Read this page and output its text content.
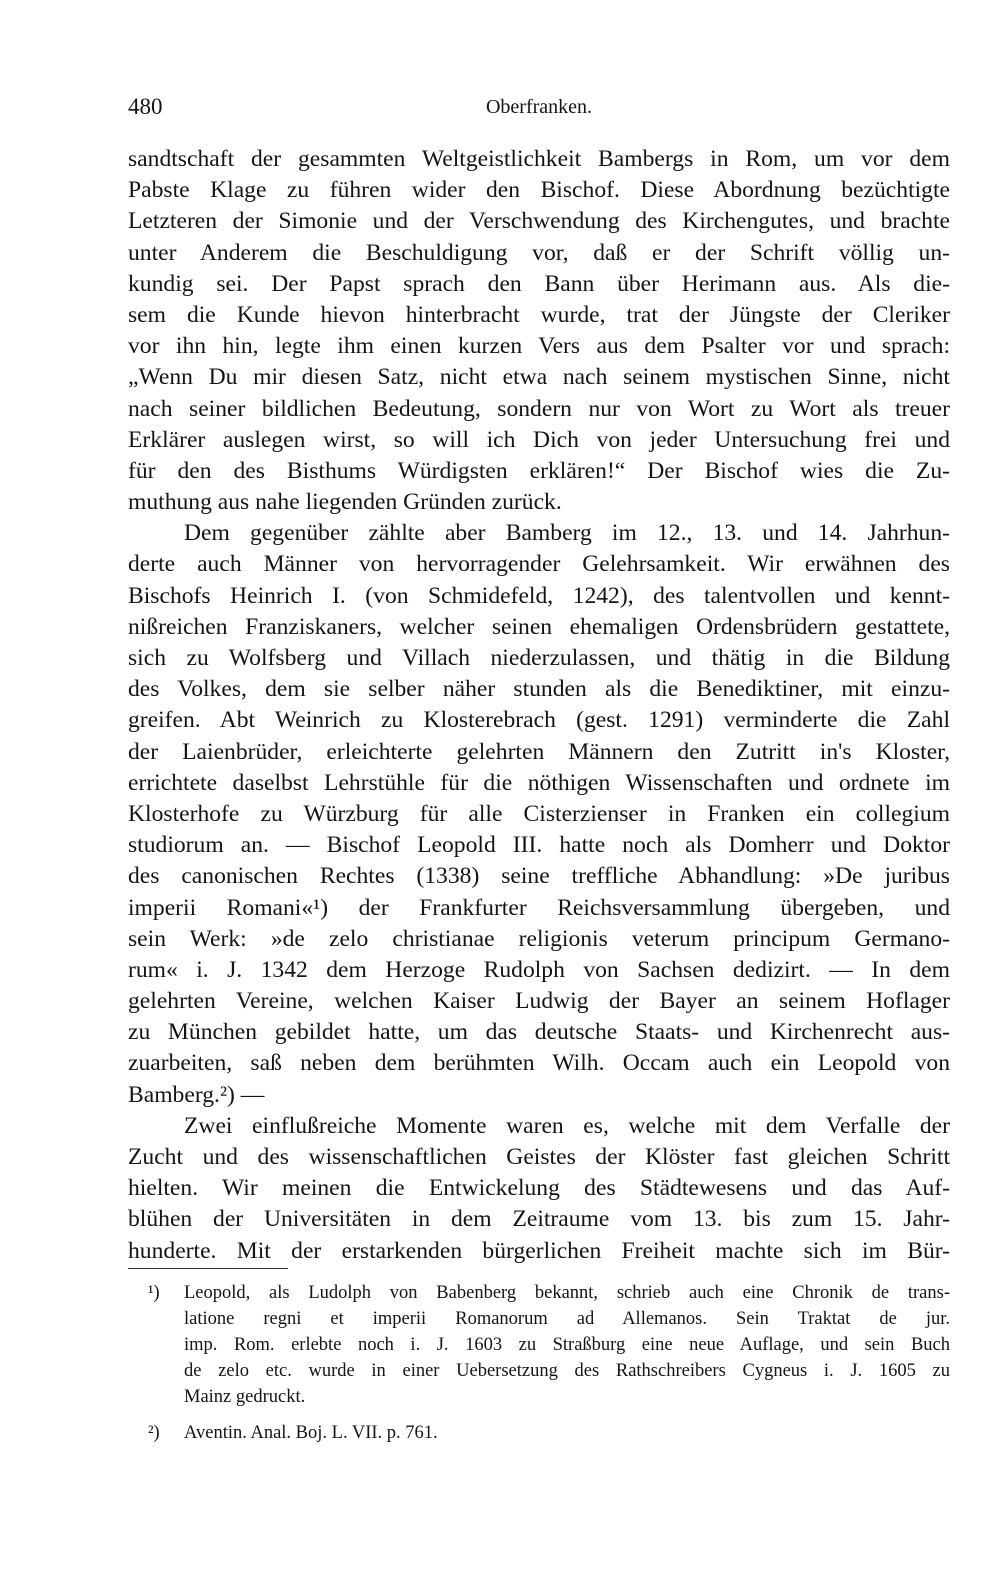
480	Oberfranken.
sandtschaft der gesammten Weltgeistlichkeit Bambergs in Rom, um vor dem
Pabste Klage zu führen wider den Bischof. Diese Abordnung bezüchtigte
Letzteren der Simonie und der Verschwendung des Kirchengutes, und brachte
unter Anderem die Beschuldigung vor, daß er der Schrift völlig un-
kundig sei. Der Papst sprach den Bann über Herimann aus. Als die-
sem die Kunde hievon hinterbracht wurde, trat der Jüngste der Cleriker
vor ihn hin, legte ihm einen kurzen Vers aus dem Psalter vor und sprach:
„Wenn Du mir diesen Satz, nicht etwa nach seinem mystischen Sinne, nicht
nach seiner bildlichen Bedeutung, sondern nur von Wort zu Wort als treuer
Erklärer auslegen wirst, so will ich Dich von jeder Untersuchung frei und
für den des Bisthums Würdigsten erklären!“ Der Bischof wies die Zu-
muthung aus nahe liegenden Gründen zurück.
Dem gegenüber zählte aber Bamberg im 12., 13. und 14. Jahrhun-
derte auch Männer von hervorragender Gelehrsamkeit. Wir erwähnen des
Bischofs Heinrich I. (von Schmidefeld, 1242), des talentvollen und kennt-
nißreichen Franziskaners, welcher seinen ehemaligen Ordensbrüdern gestattete,
sich zu Wolfsberg und Villach niederzulassen, und thätig in die Bildung
des Volkes, dem sie selber näher stunden als die Benediktiner, mit einzu-
greifen. Abt Weinrich zu Klosterebrach (gest. 1291) verminderte die Zahl
der Laienbrüder, erleichterte gelehrten Männern den Zutritt in's Kloster,
errichtete daselbst Lehrstühle für die nöthigen Wissenschaften und ordnete im
Klosterhofe zu Würzburg für alle Cisterzienser in Franken ein collegium
studiorum an. — Bischof Leopold III. hatte noch als Domherr und Doktor
des canonischen Rechtes (1338) seine treffliche Abhandlung: »De juribus
imperii Romani«¹) der Frankfurter Reichsversammlung übergeben, und
sein Werk: »de zelo christianae religionis veterum principum Germano-
rum« i. J. 1342 dem Herzoge Rudolph von Sachsen dedizirt. — In dem
gelehrten Vereine, welchen Kaiser Ludwig der Bayer an seinem Hoflager
zu München gebildet hatte, um das deutsche Staats- und Kirchenrecht aus-
zuarbeiten, saß neben dem berühmten Wilh. Occam auch ein Leopold von
Bamberg.²) —
Zwei einflußreiche Momente waren es, welche mit dem Verfalle der
Zucht und des wissenschaftlichen Geistes der Klöster fast gleichen Schritt
hielten. Wir meinen die Entwickelung des Städtewesens und das Auf-
blühen der Universitäten in dem Zeitraume vom 13. bis zum 15. Jahr-
hunderte. Mit der erstarkenden bürgerlichen Freiheit machte sich im Bür-
¹) Leopold, als Ludolph von Babenberg bekannt, schrieb auch eine Chronik de trans-
latione regni et imperii Romanorum ad Allemanos. Sein Traktat de jur.
imp. Rom. erlebte noch i. J. 1603 zu Straßburg eine neue Auflage, und sein Buch
de zelo etc. wurde in einer Uebersetzung des Rathschreibers Cygneus i. J. 1605 zu
Mainz gedruckt.
²) Aventin. Anal. Boj. L. VII. p. 761.
